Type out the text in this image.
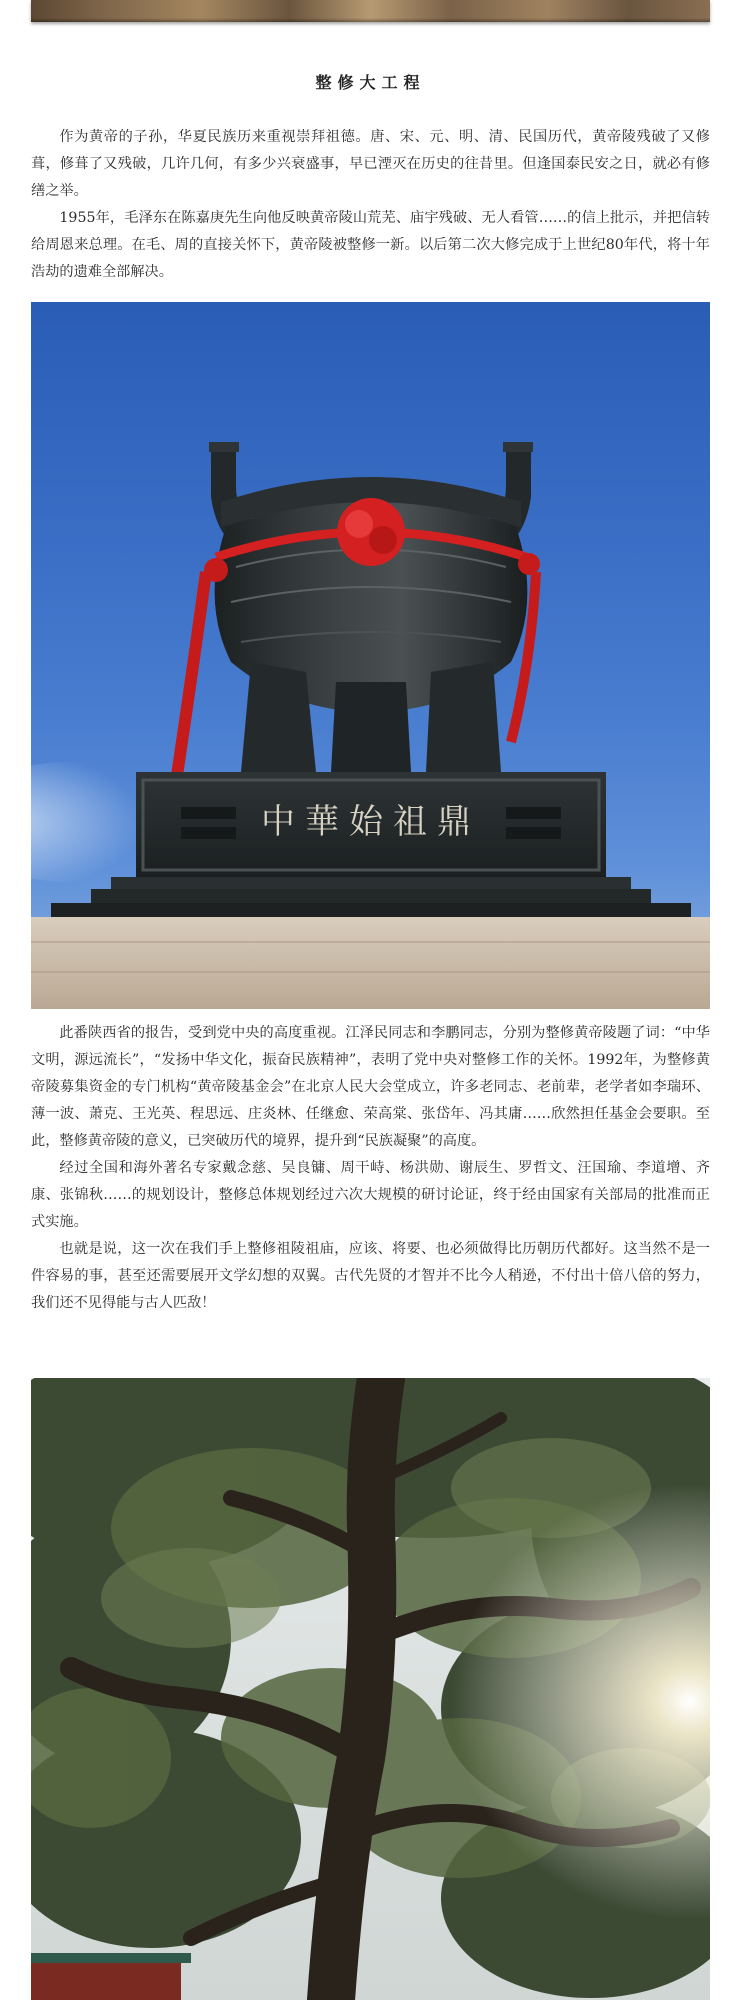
整修大工程

作为黄帝的子孙，华夏民族历来重视崇拜祖德。唐、宋、元、明、清、民国历代，黄帝陵残破了又修葺，修葺了又残破，几许几何，有多少兴衰盛事，早已湮灭在历史的往昔里。但逢国泰民安之日，就必有修缮之举。

1955年，毛泽东在陈嘉庚先生向他反映黄帝陵山荒芜、庙宇残破、无人看管……的信上批示，并把信转给周恩来总理。在毛、周的直接关怀下，黄帝陵被整修一新。以后第二次大修完成于上世纪80年代，将十年浩劫的遗难全部解决。

中華始祖鼎

此番陕西省的报告，受到党中央的高度重视。江泽民同志和李鹏同志，分别为整修黄帝陵题了词：“中华文明，源远流长”，“发扬中华文化，振奋民族精神”，表明了党中央对整修工作的关怀。1992年，为整修黄帝陵募集资金的专门机构“黄帝陵基金会”在北京人民大会堂成立，许多老同志、老前辈，老学者如李瑞环、薄一波、萧克、王光英、程思远、庄炎林、任继愈、荣高棠、张岱年、冯其庸……欣然担任基金会要职。至此，整修黄帝陵的意义，已突破历代的境界，提升到“民族凝聚”的高度。

经过全国和海外著名专家戴念慈、吴良镛、周干峙、杨洪勋、谢辰生、罗哲文、汪国瑜、李道增、齐康、张锦秋……的规划设计，整修总体规划经过六次大规模的研讨论证，终于经由国家有关部局的批准而正式实施。

也就是说，这一次在我们手上整修祖陵祖庙，应该、将要、也必须做得比历朝历代都好。这当然不是一件容易的事，甚至还需要展开文学幻想的双翼。古代先贤的才智并不比今人稍逊，不付出十倍八倍的努力，我们还不见得能与古人匹敌！
